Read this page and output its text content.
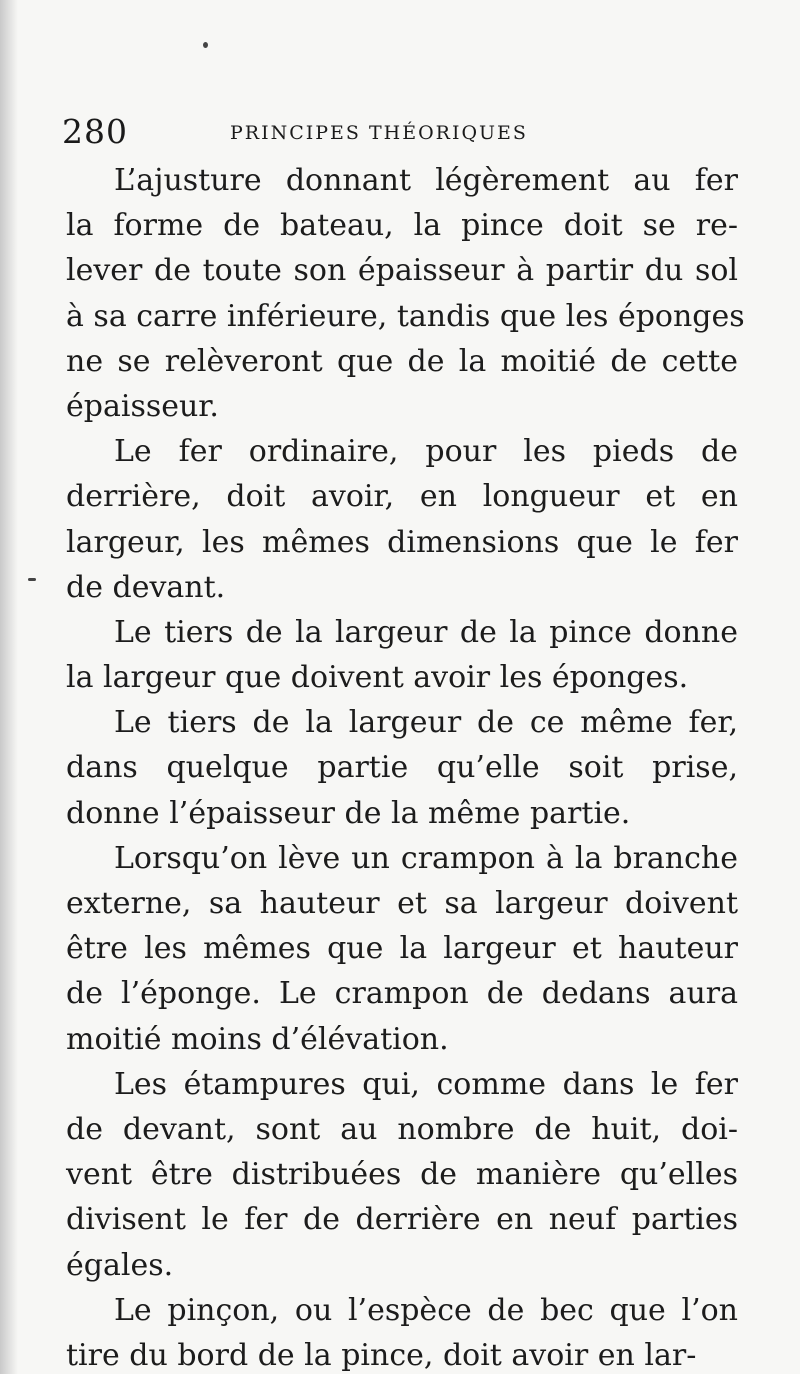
280	PRINCIPES THÉORIQUES
L’ajusture donnant légèrement au fer
la forme de bateau, la pince doit se re-
lever de toute son épaisseur à partir du sol
à sa carre inférieure, tandis que les éponges
ne se relèveront que de la moitié de cette
épaisseur.
Le fer ordinaire, pour les pieds de
derrière, doit avoir, en longueur et en
largeur, les mêmes dimensions que le fer
de devant.
Le tiers de la largeur de la pince donne
la largeur que doivent avoir les éponges.
Le tiers de la largeur de ce même fer,
dans quelque partie qu’elle soit prise,
donne l’épaisseur de la même partie.
Lorsqu’on lève un crampon à la branche
externe, sa hauteur et sa largeur doivent
être les mêmes que la largeur et hauteur
de l’éponge. Le crampon de dedans aura
moitié moins d’élévation.
Les étampures qui, comme dans le fer
de devant, sont au nombre de huit, doi-
vent être distribuées de manière qu’elles
divisent le fer de derrière en neuf parties
égales.
Le pinçon, ou l’espèce de bec que l’on
tire du bord de la pince, doit avoir en lar-
